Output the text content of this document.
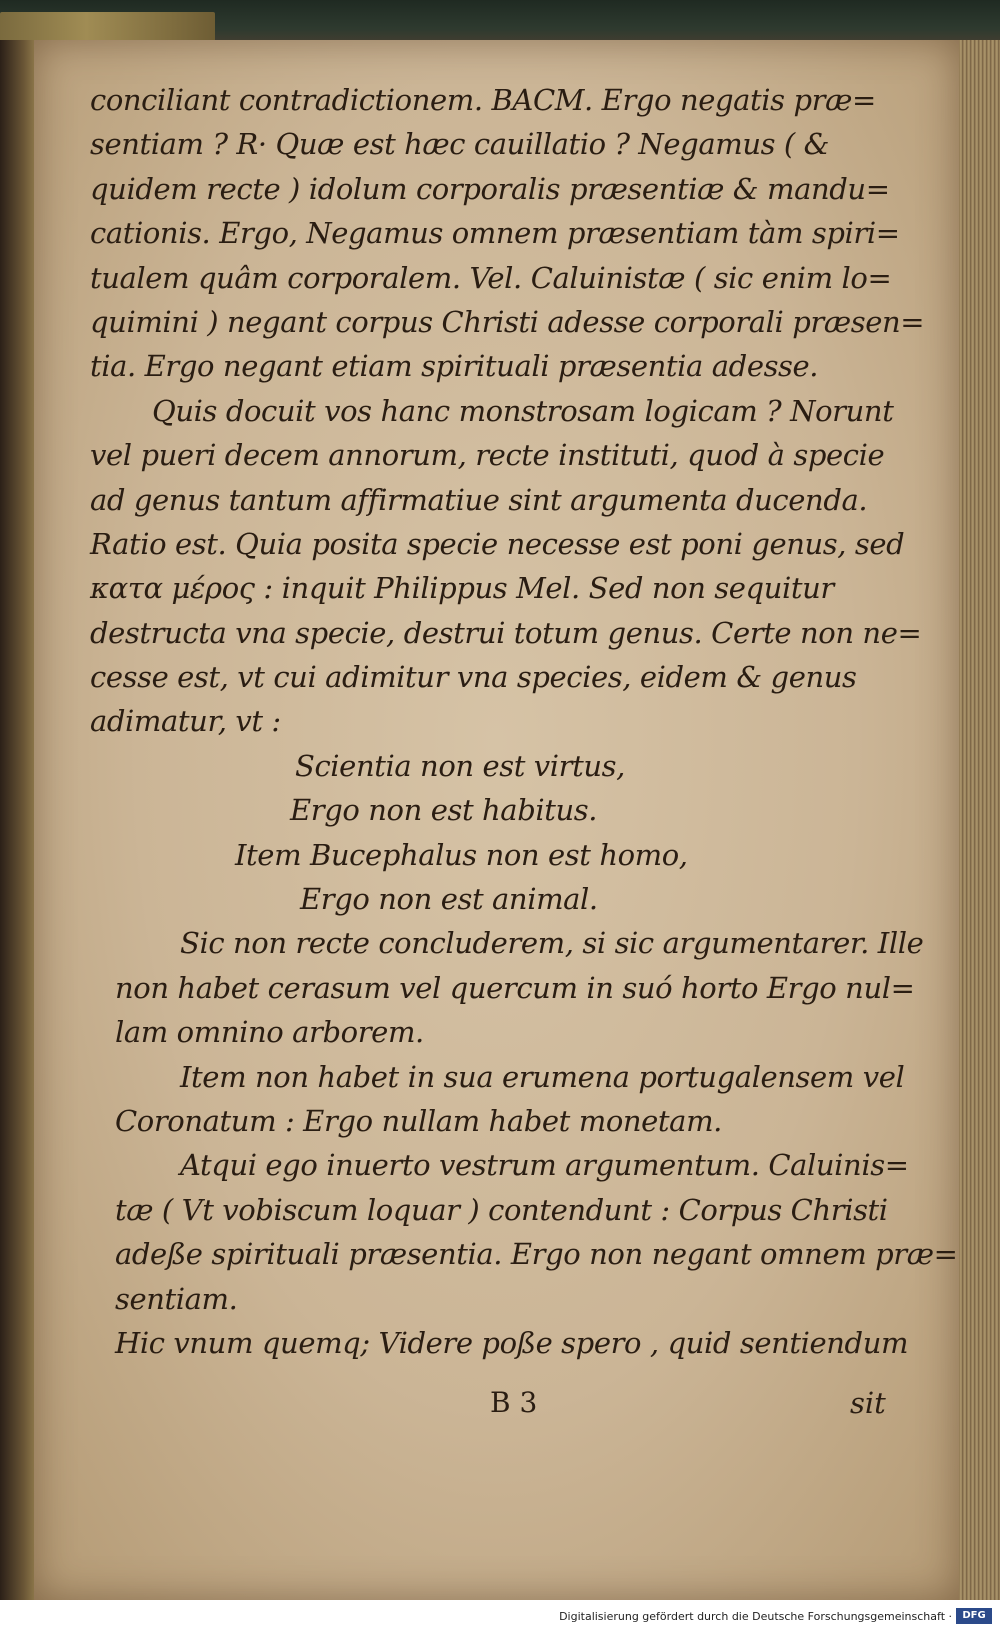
conciliant contradictionem. BACM. Ergo negatis præ=
sentiam ? R· Quæ est hæc cauillatio ? Negamus ( &
quidem recte ) idolum corporalis præsentiæ & mandu=
cationis. Ergo, Negamus omnem præsentiam tàm spiri=
tualem quâm corporalem. Vel. Caluinistæ ( sic enim lo=
quimini ) negant corpus Christi adesse corporali præsen=
tia. Ergo negant etiam spirituali præsentia adesse.
Quis docuit vos hanc monstrosam logicam ? Norunt
vel pueri decem annorum, recte instituti, quod à specie
ad genus tantum affirmatiue sint argumenta ducenda.
Ratio est. Quia posita specie necesse est poni genus, sed
κατα μέρος : inquit Philippus Mel. Sed non sequitur
destructa vna specie, destrui totum genus. Certe non ne=
cesse est, vt cui adimitur vna species, eidem & genus
adimatur, vt :
Scientia non est virtus,
Ergo non est habitus.
Item Bucephalus non est homo,
Ergo non est animal.
Sic non recte concluderem, si sic argumentarer. Ille
non habet cerasum vel quercum in suó horto Ergo nul=
lam omnino arborem.
Item non habet in sua erumena portugalensem vel
Coronatum : Ergo nullam habet monetam.
Atqui ego inuerto vestrum argumentum. Caluinis=
tæ ( Vt vobiscum loquar ) contendunt : Corpus Christi
adeße spirituali præsentia. Ergo non negant omnem præ=
sentiam.
Hic vnum quemq; Videre poße spero , quid sentiendum
B 3	sit
Digitalisierung gefördert durch die Deutsche Forschungsgemeinschaft ·	DFG
